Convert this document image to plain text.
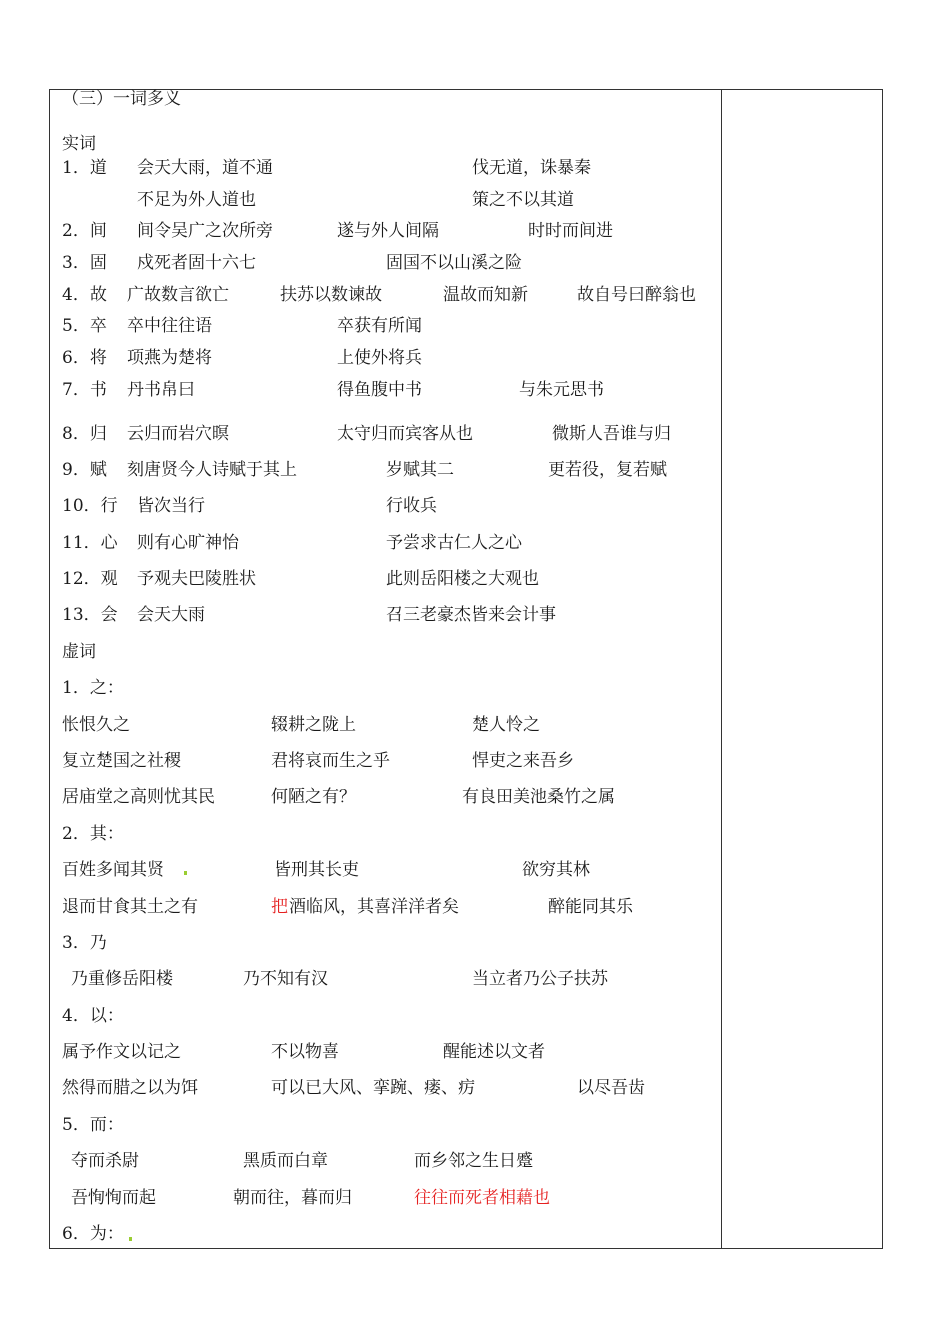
（三）一词多义
实词
1．道 会天大雨，道不通	伐无道，诛暴秦
不足为外人道也	策之不以其道
2．间 间令吴广之次所旁	遂与外人间隔	时时而间进
3．固 戍死者固十六七	固国不以山溪之险
4．故 广故数言欲亡	扶苏以数谏故	温故而知新	故自号曰醉翁也
5．卒 卒中往往语	卒获有所闻
6．将 项燕为楚将	上使外将兵
7．书 丹书帛曰	得鱼腹中书	与朱元思书
8．归 云归而岩穴暝	太守归而宾客从也	微斯人吾谁与归
9．赋 刻唐贤今人诗赋于其上	岁赋其二	更若役，复若赋
10．行 皆次当行	行收兵
11．心 则有心旷神怡	予尝求古仁人之心
12．观 予观夫巴陵胜状	此则岳阳楼之大观也
13．会 会天大雨	召三老豪杰皆来会计事
虚词
1．之：
怅恨久之	辍耕之陇上	楚人怜之
复立楚国之社稷	君将哀而生之乎	悍吏之来吾乡
居庙堂之高则忧其民	何陋之有？	有良田美池桑竹之属
2．其：
百姓多闻其贤	皆刑其长吏	欲穷其林
退而甘食其土之有	把 酒临风，其喜洋洋者矣	醉能同其乐
3．乃
乃重修岳阳楼	乃不知有汉	当立者乃公子扶苏
4．以：
属予作文以记之	不以物喜	醒能述以文者
然得而腊之以为饵	可以已大风、挛踠、瘘、疠	以尽吾齿
5．而：
夺而杀尉	黑质而白章	而乡邻之生日蹙
吾恂恂而起	朝而往，暮而归	往往而死者相藉也
6．为：
